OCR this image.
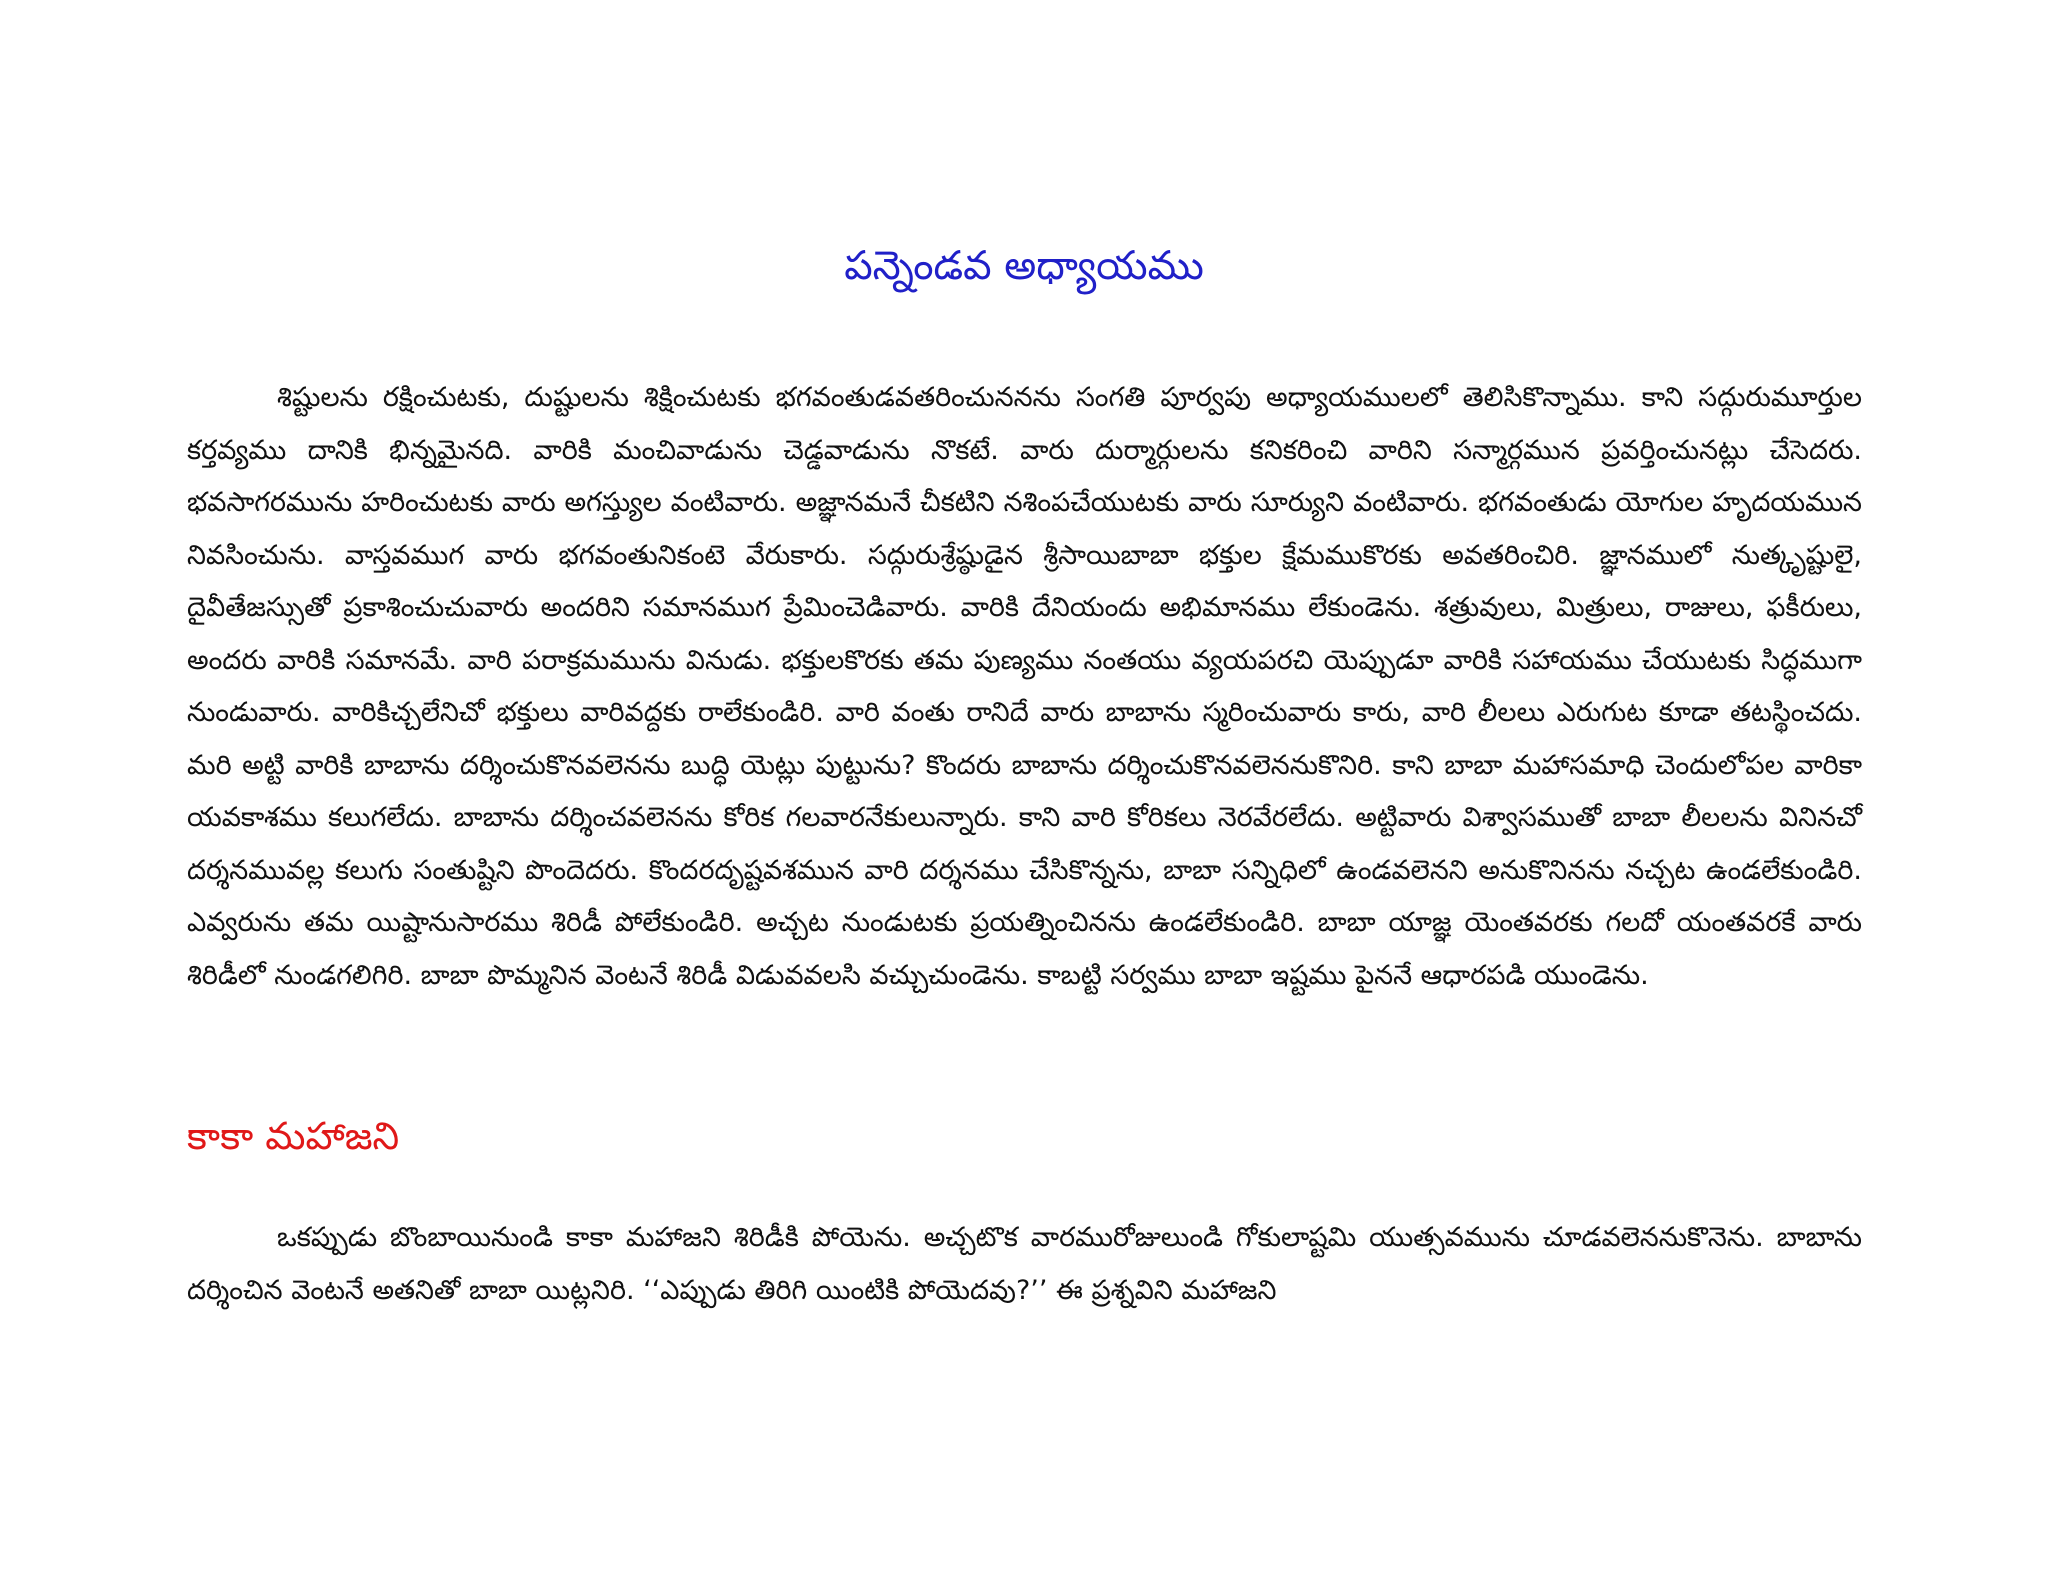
పన్నెండవ అధ్యాయము

శిష్టులను రక్షించుటకు, దుష్టులను శిక్షించుటకు భగవంతుడవతరించుననను సంగతి పూర్వపు అధ్యాయములలో తెలిసికొన్నాము. కాని సద్గురుమూర్తుల కర్తవ్యము దానికి భిన్నమైనది. వారికి మంచివాడును చెడ్డవాడును నొకటే. వారు దుర్మార్గులను కనికరించి వారిని సన్మార్గమున ప్రవర్తించునట్లు చేసెదరు. భవసాగరమును హరించుటకు వారు అగస్త్యుల వంటివారు. అజ్ఞానమనే చీకటిని నశింపచేయుటకు వారు సూర్యుని వంటివారు. భగవంతుడు యోగుల హృదయమున నివసించును. వాస్తవముగ వారు భగవంతునికంటె వేరుకారు. సద్గురుశ్రేష్ఠుడైన శ్రీసాయిబాబా భక్తుల క్షేమముకొరకు అవతరించిరి. జ్ఞానములో నుత్కృష్టులై, దైవీతేజస్సుతో ప్రకాశించుచువారు అందరిని సమానముగ ప్రేమించెడివారు. వారికి దేనియందు అభిమానము లేకుండెను. శత్రువులు, మిత్రులు, రాజులు, ఫకీరులు, అందరు వారికి సమానమే. వారి పరాక్రమమును వినుడు. భక్తులకొరకు తమ పుణ్యము నంతయు వ్యయపరచి యెప్పుడూ వారికి సహాయము చేయుటకు సిద్ధముగా నుండువారు. వారికిచ్చలేనిచో భక్తులు వారివద్దకు రాలేకుండిరి. వారి వంతు రానిదే వారు బాబాను స్మరించువారు కారు, వారి లీలలు ఎరుగుట కూడా తటస్థించదు. మరి అట్టి వారికి బాబాను దర్శించుకొనవలెనను బుద్ధి యెట్లు పుట్టును? కొందరు బాబాను దర్శించుకొనవలెననుకొనిరి. కాని బాబా మహాసమాధి చెందులోపల వారికా యవకాశము కలుగలేదు. బాబాను దర్శించవలెనను కోరిక గలవారనేకులున్నారు. కాని వారి కోరికలు నెరవేరలేదు. అట్టివారు విశ్వాసముతో బాబా లీలలను వినినచో దర్శనమువల్ల కలుగు సంతుష్టిని పొందెదరు. కొందరదృష్టవశమున వారి దర్శనము చేసికొన్నను, బాబా సన్నిధిలో ఉండవలెనని అనుకొనినను నచ్చట ఉండలేకుండిరి. ఎవ్వరును తమ యిష్టానుసారము శిరిడీ పోలేకుండిరి. అచ్చట నుండుటకు ప్రయత్నించినను ఉండలేకుండిరి. బాబా యాజ్ఞ యెంతవరకు గలదో యంతవరకే వారు శిరిడీలో నుండగలిగిరి. బాబా పొమ్మనిన వెంటనే శిరిడీ విడువవలసి వచ్చుచుండెను. కాబట్టి సర్వము బాబా ఇష్టము పైననే ఆధారపడి యుండెను.

కాకా మహాజని

ఒకప్పుడు బొంబాయినుండి కాకా మహాజని శిరిడీకి పోయెను. అచ్చటొక వారమురోజులుండి గోకులాష్టమి యుత్సవమును చూడవలెననుకొనెను. బాబాను దర్శించిన వెంటనే అతనితో బాబా యిట్లనిరి. ‘‘ఎప్పుడు తిరిగి యింటికి పోయెదవు?’’ ఈ ప్రశ్నవిని మహాజని
